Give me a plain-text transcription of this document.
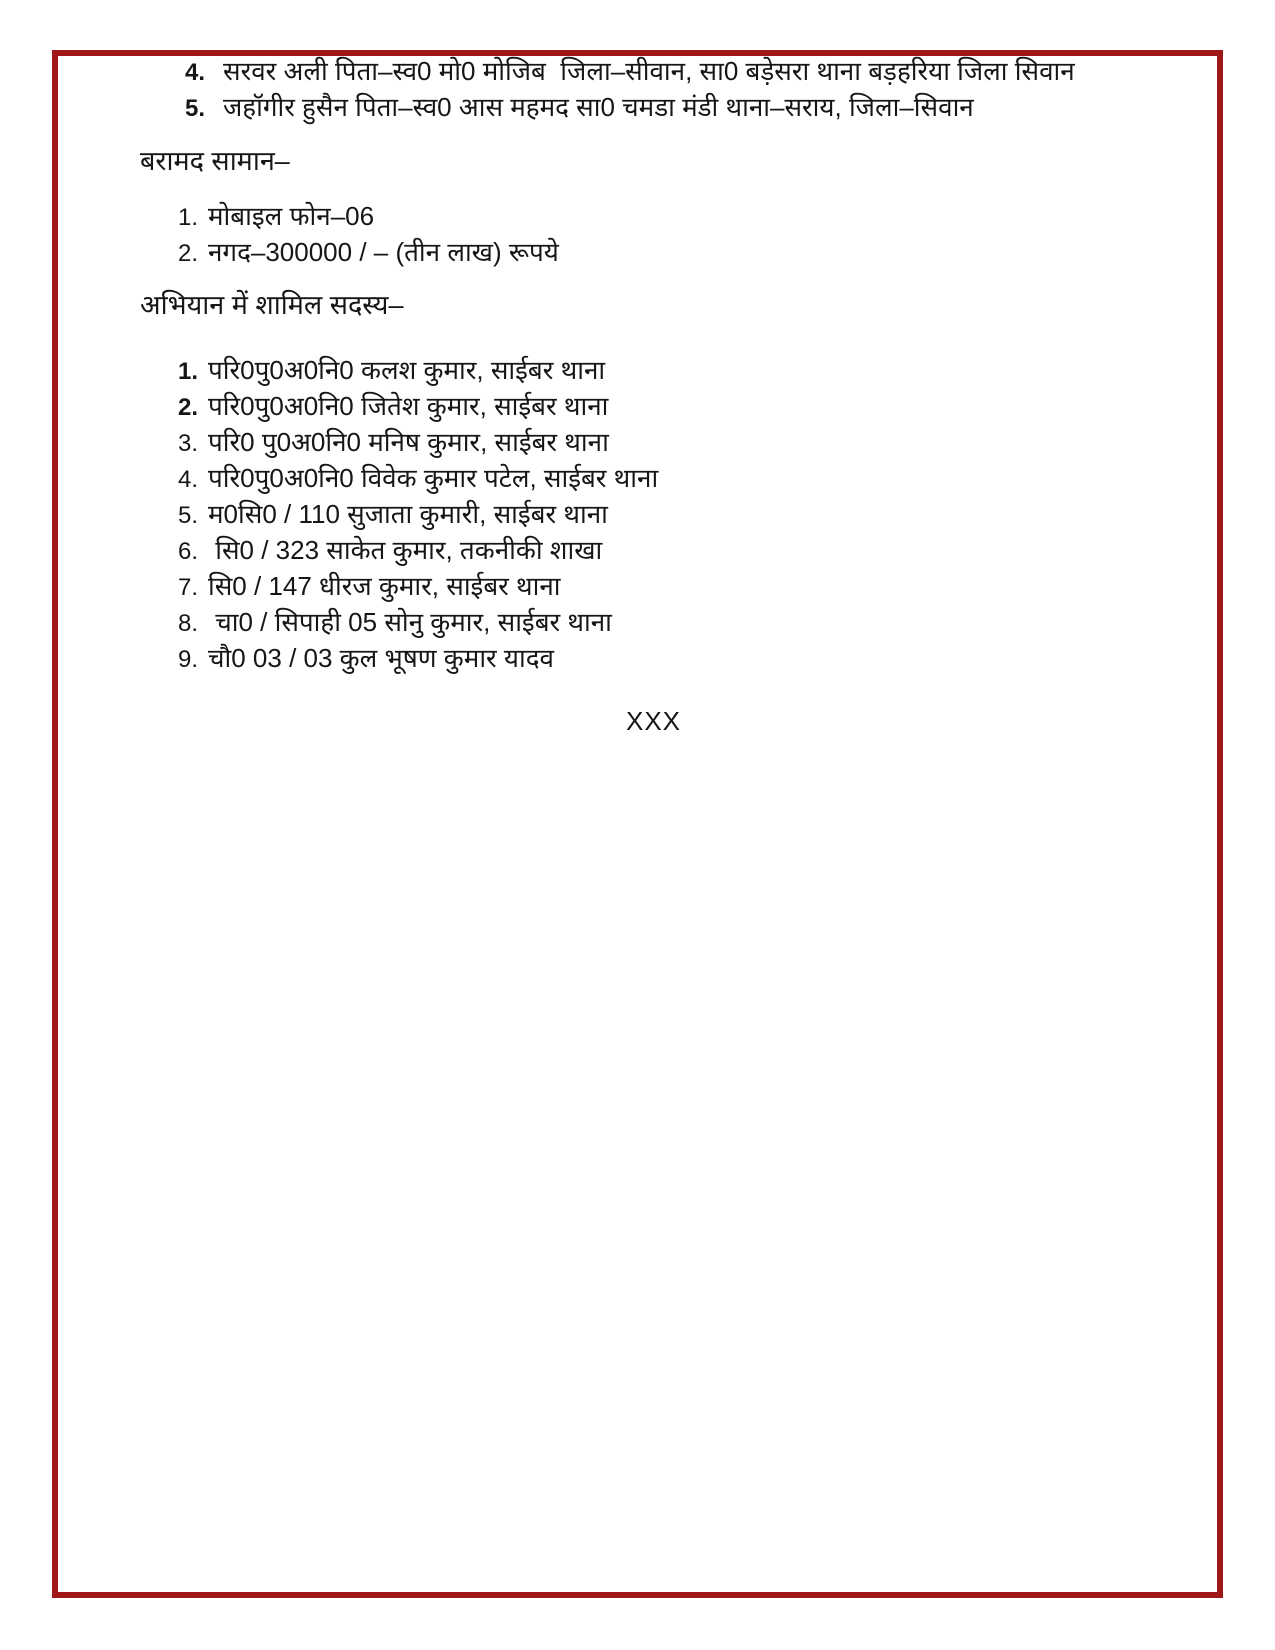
4. सरवर अली पिता–स्व0 मो0 मोजिब  जिला–सीवान, सा0 बड़ेसरा थाना बड़हरिया जिला सिवान
5. जहॉगीर हुसैन पिता–स्व0 आस महमद सा0 चमडा मंडी थाना–सराय, जिला–सिवान
बरामद सामान–
1. मोबाइल फोन–06
2. नगद–300000 / – (तीन लाख) रूपये
अभियान में शामिल सदस्य–
1. परि0पु0अ0नि0 कलश कुमार, साईबर थाना
2. परि0पु0अ0नि0 जितेश कुमार, साईबर थाना
3. परि0 पु0अ0नि0 मनिष कुमार, साईबर थाना
4. परि0पु0अ0नि0 विवेक कुमार पटेल, साईबर थाना
5. म0सि0 / 110 सुजाता कुमारी, साईबर थाना
6. सि0 / 323 साकेत कुमार, तकनीकी शाखा
7. सि0 / 147 धीरज कुमार, साईबर थाना
8. चा0 / सिपाही 05 सोनु कुमार, साईबर थाना
9. चौ0 03 / 03 कुल भूषण कुमार यादव
XXX
